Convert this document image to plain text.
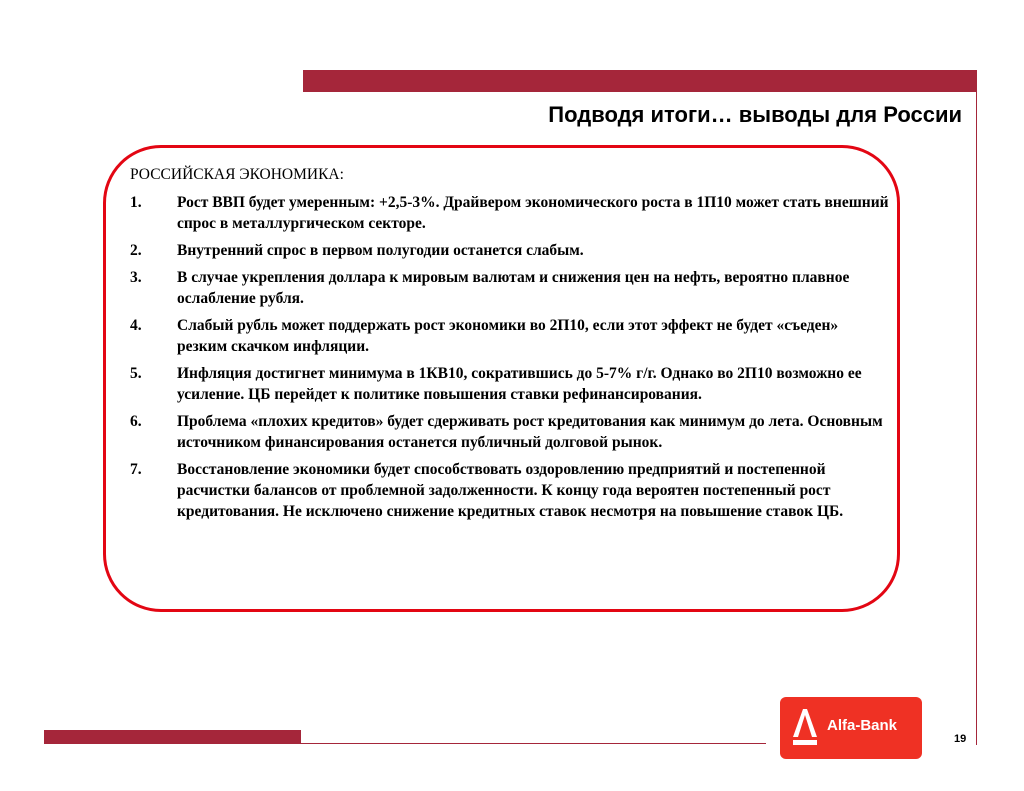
Подводя итоги… выводы для России
РОССИЙСКАЯ ЭКОНОМИКА:
1.	Рост ВВП будет умеренным: +2,5-3%. Драйвером экономического роста в 1П10 может стать внешний спрос в металлургическом секторе.
2.	Внутренний спрос в первом полугодии останется слабым.
3.	В случае укрепления доллара к мировым валютам и снижения цен на нефть, вероятно плавное ослабление рубля.
4.	Слабый рубль может поддержать рост экономики во 2П10, если этот эффект не будет «съеден» резким скачком инфляции.
5.	Инфляция достигнет минимума в 1КВ10, сократившись до 5-7% г/г. Однако во 2П10 возможно ее усиление. ЦБ перейдет к политике повышения ставки рефинансирования.
6.	Проблема «плохих кредитов» будет сдерживать рост кредитования как минимум до лета. Основным источником финансирования останется публичный долговой рынок.
7.	Восстановление экономики будет способствовать оздоровлению предприятий и постепенной расчистки балансов от проблемной задолженности. К концу года вероятен постепенный рост кредитования. Не исключено снижение кредитных ставок несмотря на повышение ставок ЦБ.
Alfa-Bank
19
